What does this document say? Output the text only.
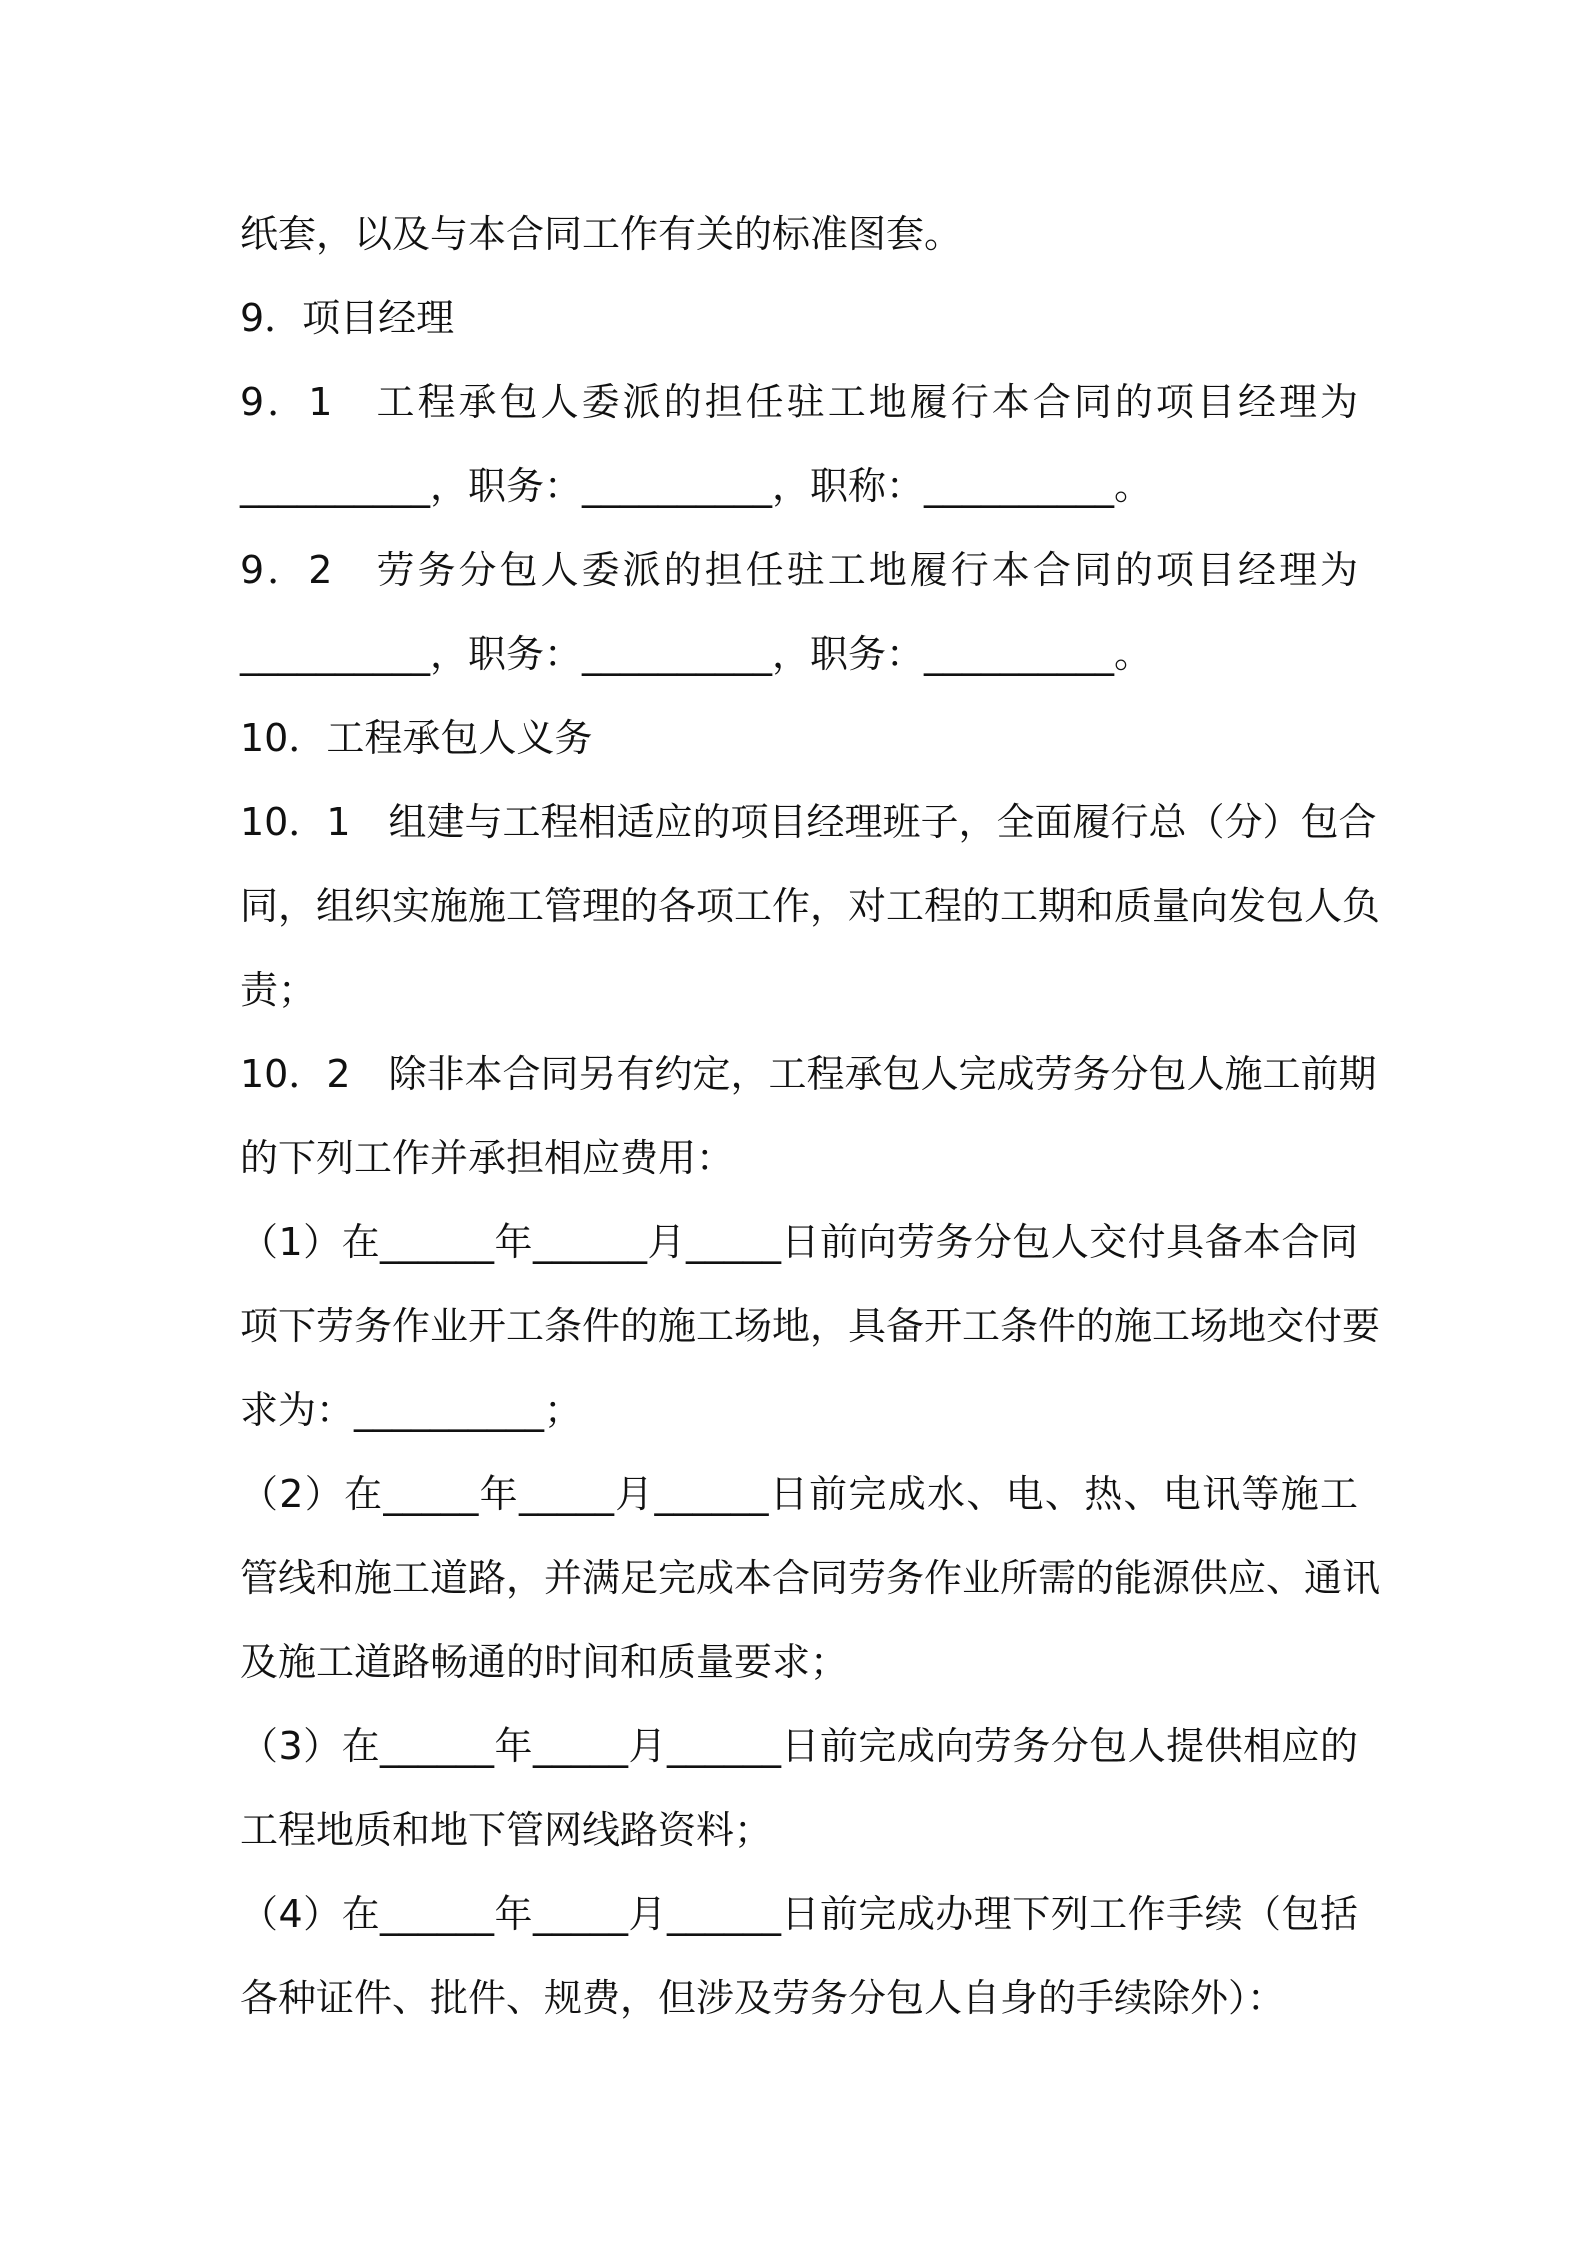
纸套，以及与本合同工作有关的标准图套。
9．项目经理
9．1　工程承包人委派的担任驻工地履行本合同的项目经理为
__________，职务：__________，职称：__________。
9．2　劳务分包人委派的担任驻工地履行本合同的项目经理为
__________，职务：__________，职务：__________。
10．工程承包人义务
10．1　组建与工程相适应的项目经理班子，全面履行总（分）包合
同，组织实施施工管理的各项工作，对工程的工期和质量向发包人负
责；
10．2　除非本合同另有约定，工程承包人完成劳务分包人施工前期
的下列工作并承担相应费用：
（1）在______年______月_____日前向劳务分包人交付具备本合同
项下劳务作业开工条件的施工场地，具备开工条件的施工场地交付要
求为：__________；
（2）在_____年_____月______日前完成水、电、热、电讯等施工
管线和施工道路，并满足完成本合同劳务作业所需的能源供应、通讯
及施工道路畅通的时间和质量要求；
（3）在______年_____月______日前完成向劳务分包人提供相应的
工程地质和地下管网线路资料；
（4）在______年_____月______日前完成办理下列工作手续（包括
各种证件、批件、规费，但涉及劳务分包人自身的手续除外）：
